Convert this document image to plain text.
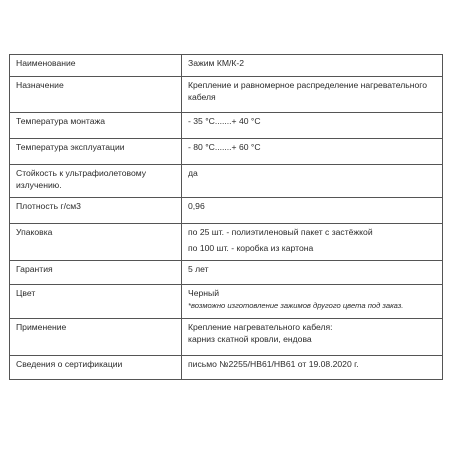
Наименование	Зажим КМ/К-2

Назначение	Крепление и равномерное распределение нагревательного кабеля

Температура монтажа	- 35 °С.......+ 40 °С

Температура эксплуатации	- 80 °С.......+ 60 °С

Стойкость к ультрафиолетовому излучению.	да

Плотность г/см3	0,96

Упаковка	по 25 шт. - полиэтиленовый пакет с застёжкой
по 100 шт. - коробка из картона

Гарантия	5 лет

Цвет	Черный
*возможно изготовление зажимов другого цвета под заказ.

Применение	Крепление нагревательного кабеля:
карниз скатной кровли, ендова

Сведения о сертификации	письмо №2255/НВ61/НВ61 от 19.08.2020 г.
